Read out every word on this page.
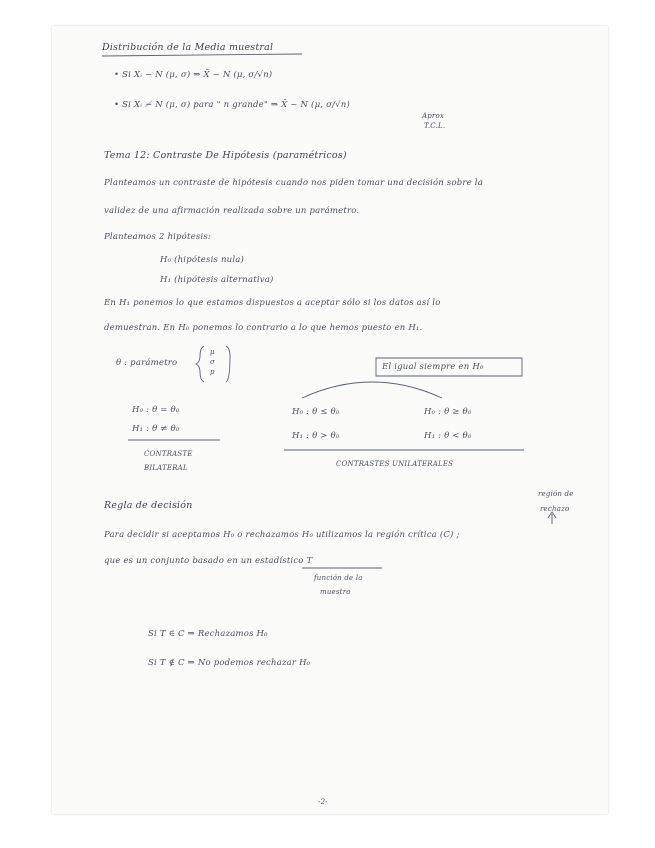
Distribución de la Media muestral
• Si Xᵢ ~ N (μ, σ) ⇒ X̄ ~ N (μ, σ/√n)
• Si Xᵢ ≁ N (μ, σ) para " n grande" ⇒ X̄ ~ N (μ, σ/√n)
Aprox
T.C.L.
Tema 12: Contraste De Hipótesis (paramétricos)
Planteamos un contraste de hipótesis cuando nos piden tomar una decisión sobre la
validez de una afirmación realizada sobre un parámetro.
Planteamos 2 hipótesis:
H₀ (hipótesis nula)
H₁ (hipótesis alternativa)
En H₁ ponemos lo que estamos dispuestos a aceptar sólo si los datos así lo
demuestran. En H₀ ponemos lo contrario a lo que hemos puesto en H₁.
θ : parámetro
μ
σ
p	El igual siempre en H₀
H₀ : θ = θ₀
H₁ : θ ≠ θ₀
CONTRASTE
BILATERAL
H₀ : θ ≤ θ₀
H₁ : θ > θ₀
H₀ : θ ≥ θ₀
H₁ : θ < θ₀
CONTRASTES UNILATERALES
Regla de decisión
región de
rechazo
Para decidir si aceptamos H₀ o rechazamos H₀ utilizamos la región crítica (C) ;
que es un conjunto basado en un estadístico T
función de la
muestra
Si T ∈ C ⇒ Rechazamos H₀
Si T ∉ C ⇒ No podemos rechazar H₀
-2-
